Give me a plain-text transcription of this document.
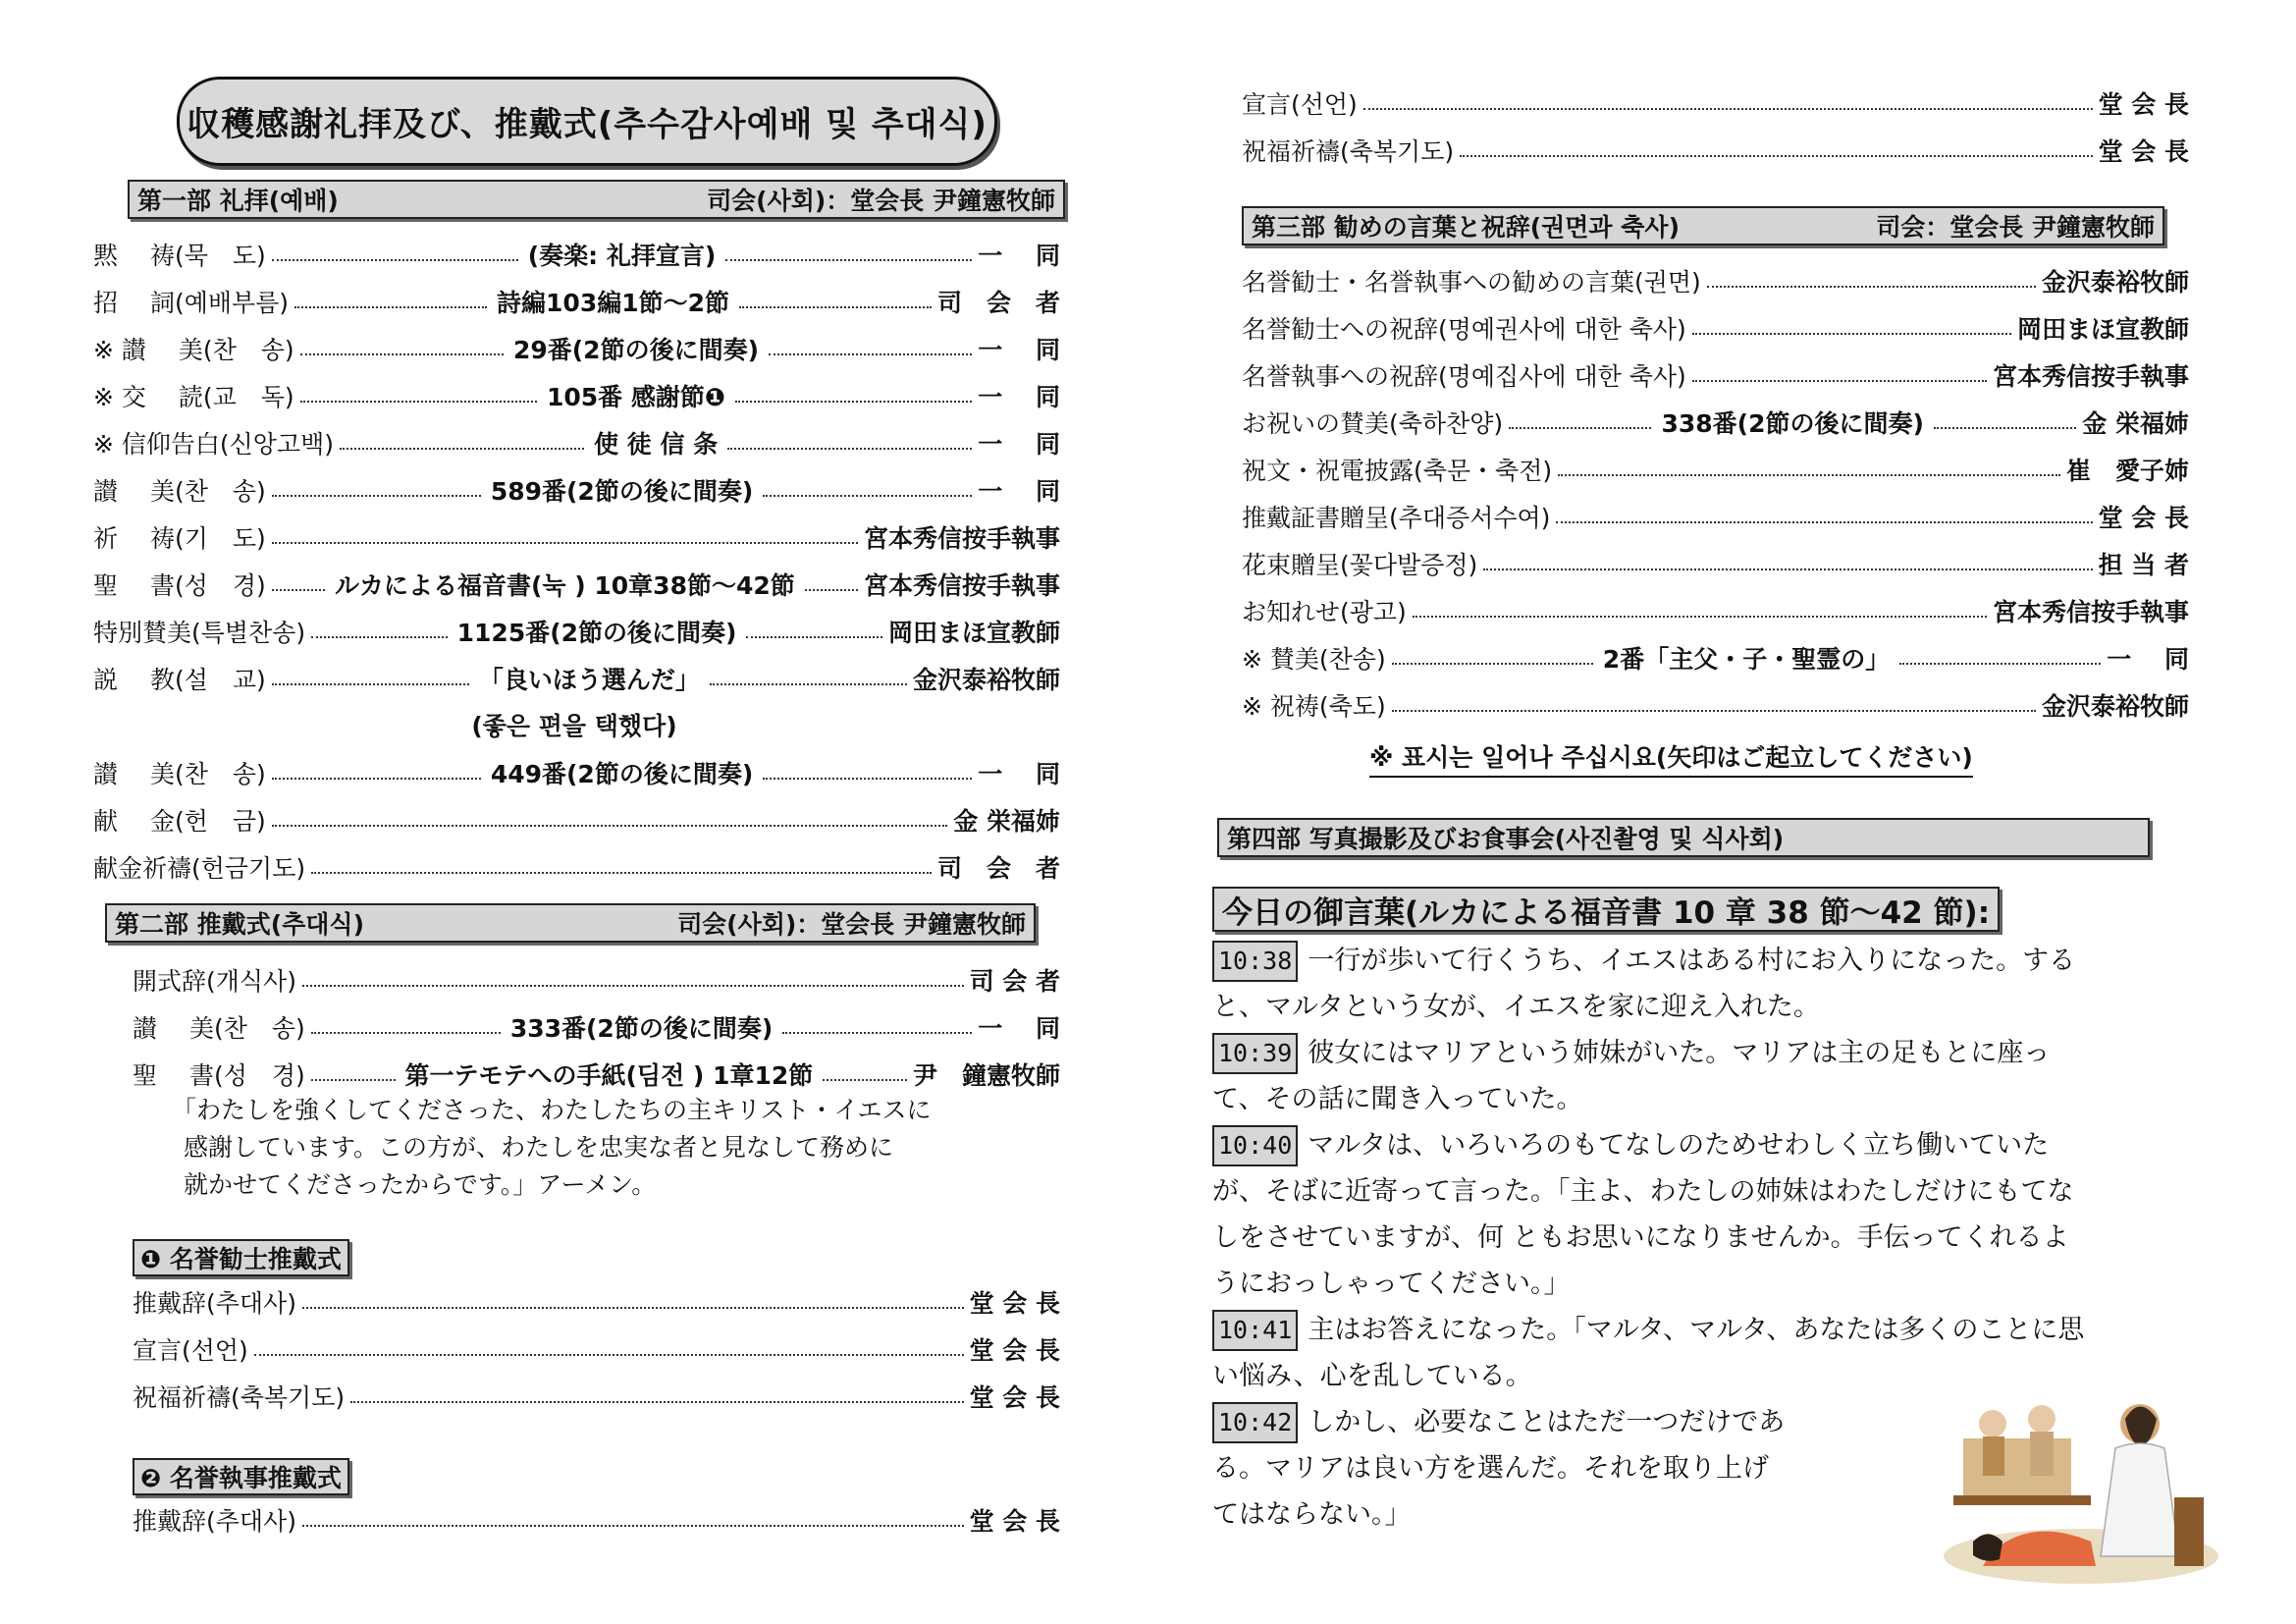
収穫感謝礼拝及び、推戴式(추수감사예배 및 추대식)
第一部 礼拝(예배)	司会(사회)：堂会長 尹鐘憲牧師
黙　 祷(묵　도)	(奏楽: 礼拝宣言)	一　 同
招　 詞(예배부름)	詩編103編1節～2節	司　会　者
※ 讃　 美(찬　송)	29番(2節の後に間奏)	一　 同
※ 交　 読(교　독)	105番 感謝節❶	一　 同
※ 信仰告白(신앙고백)	使 徒 信 条	一　 同
讃　 美(찬　송)	589番(2節の後に間奏)	一　 同
祈　 祷(기　도)	宮本秀信按手執事
聖　 書(성　경)	ルカによる福音書(눅 ) 10章38節～42節	宮本秀信按手執事
特別賛美(특별찬송)	1125番(2節の後に間奏)	岡田まほ宣教師
説　 教(설　교)	「良いほう選んだ」	金沢泰裕牧師
(좋은 편을 택했다)
讃　 美(찬　송)	449番(2節の後に間奏)	一　 同
献　 金(헌　금)	金 栄福姉
献金祈禱(헌금기도)	司　会　者
第二部 推戴式(추대식)	司会(사회)：堂会長 尹鐘憲牧師
開式辞(개식사)	司 会 者
讃　 美(찬　송)	333番(2節の後に間奏)	一　 同
聖　 書(성　경)	第一テモテへの手紙(딤전 ) 1章12節	尹　鐘憲牧師
「わたしを強くしてくださった、わたしたちの主キリスト・イエスに
感謝しています。この方が、わたしを忠実な者と見なして務めに
就かせてくださったからです。」アーメン。
❶ 名誉勧士推戴式
推戴辞(추대사)	堂 会 長
宣言(선언)	堂 会 長
祝福祈禱(축복기도)	堂 会 長
❷ 名誉執事推戴式
推戴辞(추대사)	堂 会 長
宣言(선언)	堂 会 長
祝福祈禱(축복기도)	堂 会 長
第三部 勧めの言葉と祝辞(권면과 축사)	司会：堂会長 尹鐘憲牧師
名誉勧士・名誉執事への勧めの言葉(권면)	金沢泰裕牧師
名誉勧士への祝辞(명예권사에 대한 축사)	岡田まほ宣教師
名誉執事への祝辞(명예집사에 대한 축사)	宮本秀信按手執事
お祝いの賛美(축하찬양)	338番(2節の後に間奏)	金 栄福姉
祝文・祝電披露(축문・축전)	崔　愛子姉
推戴証書贈呈(추대증서수여)	堂 会 長
花束贈呈(꽃다발증정)	担 当 者
お知れせ(광고)	宮本秀信按手執事
※ 賛美(찬송)	2番「主父・子・聖霊の」	一　 同
※ 祝祷(축도)	金沢泰裕牧師
※ 표시는 일어나 주십시요(矢印はご起立してください)
第四部 写真撮影及びお食事会(사진촬영 및 식사회)
今日の御言葉(ルカによる福音書 10 章 38 節～42 節):
10:38 一行が歩いて行くうち、イエスはある村にお入りになった。する
と、マルタという女が、イエスを家に迎え入れた。
10:39 彼女にはマリアという姉妹がいた。マリアは主の足もとに座っ
て、その話に聞き入っていた。
10:40 マルタは、いろいろのもてなしのためせわしく立ち働いていた
が、そばに近寄って言った。「主よ、わたしの姉妹はわたしだけにもてな
しをさせていますが、何 ともお思いになりませんか。手伝ってくれるよ
うにおっしゃってください。」
10:41 主はお答えになった。「マルタ、マルタ、あなたは多くのことに思
い悩み、心を乱している。
10:42 しかし、必要なことはただ一つだけであ
る。マリアは良い方を選んだ。それを取り上げ
てはならない。」
